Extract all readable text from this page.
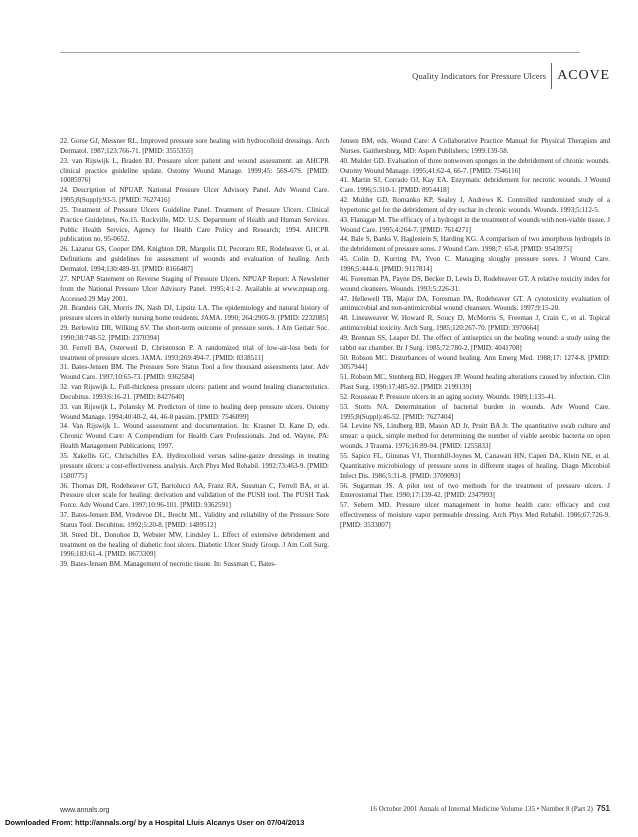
Quality Indicators for Pressure Ulcers ACOVE

22. Gorse GJ, Messner RL. Improved pressure sore healing with hydrocolloid dressings. Arch Dermatol. 1987;123:766-71. [PMID: 3555355]

23. van Rijswijk L, Braden BJ. Pressure ulcer patient and wound assessment: an AHCPR clinical practice guideline update. Ostomy Wound Manage. 1999;45: 56S-67S. [PMID: 10085976]

24. Description of NPUAP. National Pressure Ulcer Advisory Panel. Adv Wound Care. 1995;8(Suppl):93-5. [PMID: 7627416]

25. Treatment of Pressure Ulcers Guideline Panel. Treatment of Pressure Ulcers. Clinical Practice Guidelines, No.15. Rockville, MD: U.S. Department of Health and Human Services. Public Health Service, Agency for Health Care Policy and Research; 1994. AHCPR publication no. 95-0652.

26. Lazarus GS, Cooper DM, Knighton DR, Margolis DJ, Pecoraro RE, Rodeheaver G, et al. Definitions and guidelines for assessment of wounds and evaluation of healing. Arch Dermatol. 1994;130:489-93. [PMID: 8166487]

27. NPUAP Statement on Reverse Staging of Pressure Ulcers. NPUAP Report: A Newsletter from the National Pressure Ulcer Advisory Panel. 1995;4:1-2. Available at www.npuap.org. Accessed 29 May 2001.

28. Brandeis GH, Morris JN, Nash DJ, Lipsitz LA. The epidemiology and natural history of pressure ulcers in elderly nursing home residents. JAMA. 1990; 264:2905-9. [PMID: 2232085]

29. Berlowitz DR, Wilking SV. The short-term outcome of pressure sores. J Am Geriatr Soc. 1990;38:748-52. [PMID: 2370394]

30. Ferrell BA, Osterweil D, Christenson P. A randomized trial of low-air-loss beds for treatment of pressure ulcers. JAMA. 1993;269:494-7. [PMID: 8338511]

31. Bates-Jensen BM. The Pressure Sore Status Tool a few thousand assessments later. Adv Wound Care. 1997;10:65-73. [PMID: 9362584]

32. van Rijswijk L. Full-thickness pressure ulcers: patient and wound healing characteristics. Decubitus. 1993;6:16-21. [PMID: 8427640]

33. van Rijswijk L, Polansky M. Predictors of time to healing deep pressure ulcers. Ostomy Wound Manage. 1994;40:40-2, 44, 46-8 passim. [PMID: 7546099]

34. Van Rijswijk L. Wound assessment and documentation. In: Krasner D, Kane D, eds. Chronic Wound Care: A Compendium for Health Care Professionals. 2nd ed. Wayne, PA: Health Management Publications; 1997.

35. Xakellis GC, Chrischilles EA. Hydrocolloid versus saline-gauze dressings in treating pressure ulcers: a cost-effectiveness analysis. Arch Phys Med Rehabil. 1992;73:463-9. [PMID: 1580775]

36. Thomas DR, Rodeheaver GT, Bartolucci AA, Franz RA, Sussman C, Ferrell BA, et al. Pressure ulcer scale for healing: derivation and validation of the PUSH tool. The PUSH Task Force. Adv Wound Care. 1997;10:96-101. [PMID: 9362591]

37. Bates-Jensen BM, Vredevoe DL, Brecht ML. Validity and reliability of the Pressure Sore Status Tool. Decubitus. 1992;5:20-8. [PMID: 1489512]

38. Steed DL, Donohoe D, Webster MW, Lindsley L. Effect of extensive debridement and treatment on the healing of diabetic foot ulcers. Diabetic Ulcer Study Group. J Am Coll Surg. 1996;183:61-4. [PMID: 8673309]

39. Bates-Jensen BM. Management of necrotic tissue. In: Sussman C, Bates-

Jensen BM, eds. Wound Care: A Collaborative Practice Manual for Physical Therapists and Nurses. Gaithersburg, MD: Aspen Publishers; 1999:139-58.

40. Mulder GD. Evaluation of three nonwoven sponges in the debridement of chronic wounds. Ostomy Wound Manage. 1995;41:62-4, 66-7. [PMID: 7546116]

41. Martin SJ, Corrado OJ, Kay EA. Enzymatic debridement for necrotic wounds. J Wound Care. 1996;5:310-1. [PMID: 8954418]

42. Mulder GD, Romanko KP, Sealey J, Andrews K. Controlled randomized study of a hypertonic gel for the debridement of dry eschar in chronic wounds. Wounds. 1993;5:112-5.

43. Flanagan M. The efficacy of a hydrogel in the treatment of wounds with non-viable tissue. J Wound Care. 1995;4:264-7. [PMID: 7614271]

44. Bale S, Banks V, Haglestein S, Harding KG. A comparison of two amorphous hydrogels in the debridement of pressure sores. J Wound Care. 1998;7: 65-8. [PMID: 9543975]

45. Colin D, Kurring PA, Yvon C. Managing sloughy pressure sores. J Wound Care. 1996;5:444-6. [PMID: 9117814]

46. Foresman PA, Payne DS, Becker D, Lewis D, Rodeheaver GT. A relative toxicity index for wound cleansers. Wounds. 1993;5:226-31.

47. Hellewell TB, Major DA, Foresman PA, Rodeheaver GT. A cytotoxicity evaluation of antimicrobial and non-antimicrobial wound cleansers. Wounds. 1997;9:15-20.

48. Lineaweaver W, Howard R, Soucy D, McMorris S, Freeman J, Crain C, et al. Topical antimicrobial toxicity. Arch Surg. 1985;120:267-70. [PMID: 3970664]

49. Brennan SS, Leaper DJ. The effect of antiseptics on the healing wound: a study using the rabbit ear chamber. Br J Surg. 1985;72:780-2. [PMID: 4041708]

50. Robson MC. Disturbances of wound healing. Ann Emerg Med. 1988;17: 1274-8. [PMID: 3057944]

51. Robson MC, Stenberg BD, Heggers JP. Wound healing alterations caused by infection. Clin Plast Surg. 1990;17:485-92. [PMID: 2199139]

52. Rousseau P. Pressure ulcers in an aging society. Wounds. 1989;1:135-41.

53. Stotts NA. Determination of bacterial burden in wounds. Adv Wound Care. 1995;8(Suppl):46-52. [PMID: 7627404]

54. Levine NS, Lindberg RB, Mason AD Jr, Pruitt BA Jr. The quantitative swab culture and smear: a quick, simple method for determining the number of viable aerobic bacteria on open wounds. J Trauma. 1976;16:89-94. [PMID: 1255833]

55. Sapico FL, Ginunas VJ, Thornhill-Joynes M, Canawati HN, Capen DA, Klein NE, et al. Quantitative microbiology of pressure sores in different stages of healing. Diagn Microbiol Infect Dis. 1986;5:31-8. [PMID: 3709093]

56. Sugarman JS. A pilot test of two methods for the treatment of pressure ulcers. J Enterostomal Ther. 1990;17:139-42. [PMID: 2347993]

57. Sebern MD. Pressure ulcer management in home health care: efficacy and cost effectiveness of moisture vapor permeable dressing. Arch Phys Med Rehabil. 1986;67:726-9. [PMID: 3533007]

www.annals.org	16 October 2001 Annals of Internal Medicine Volume 135 • Number 8 (Part 2) 751
Downloaded From: http://annals.org/ by a Hospital Lluis Alcanys User on 07/04/2013
